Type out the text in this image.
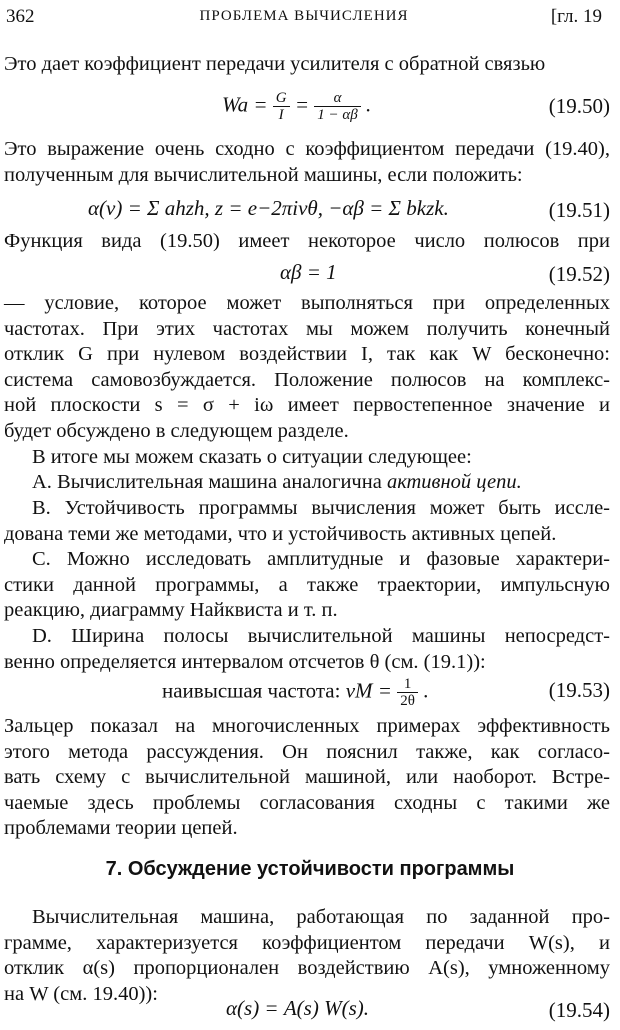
362	ПРОБЛЕМА ВЫЧИСЛЕНИЯ	[гл. 19

Это дает коэффициент передачи усилителя с обратной связью

$Wa = \frac{G}{I} = \frac{\alpha}{1 - \alpha\beta}$ .	(19.50)

Это выражение очень сходно с коэффициентом передачи (19.40),
полученным для вычислительной машины, если положить:

α(ν) = Σ ahzh, z = e−2πiνθ, −αβ = Σ bkzk.	(19.51)

Функция вида (19.50) имеет некоторое число полюсов при

αβ = 1	(19.52)

— условие, которое может выполняться при определенных
частотах. При этих частотах мы можем получить конечный
отклик G при нулевом воздействии I, так как W бесконечно:
система самовозбуждается. Положение полюсов на комплекс-
ной плоскости s = σ + iω имеет первостепенное значение и
будет обсуждено в следующем разделе.

В итоге мы можем сказать о ситуации следующее:

А. Вычислительная машина аналогична активной цепи.

В. Устойчивость программы вычисления может быть иссле-
дована теми же методами, что и устойчивость активных цепей.

С. Можно исследовать амплитудные и фазовые характери-
стики данной программы, а также траектории, импульсную
реакцию, диаграмму Найквиста и т. п.

D. Ширина полосы вычислительной машины непосредст-
венно определяется интервалом отсчетов θ (см. (19.1)):

наивысшая частота: $\nu M = \frac{1}{2\theta}$ .	(19.53)

Зальцер показал на многочисленных примерах эффективность
этого метода рассуждения. Он пояснил также, как согласо-
вать схему с вычислительной машиной, или наоборот. Встре-
чаемые здесь проблемы согласования сходны с такими же
проблемами теории цепей.

7. Обсуждение устойчивости программы

Вычислительная машина, работающая по заданной про-
грамме, характеризуется коэффициентом передачи W(s), и
отклик α(s) пропорционален воздействию A(s), умноженному
на W (см. 19.40)):

α(s) = A(s) W(s).	(19.54)
